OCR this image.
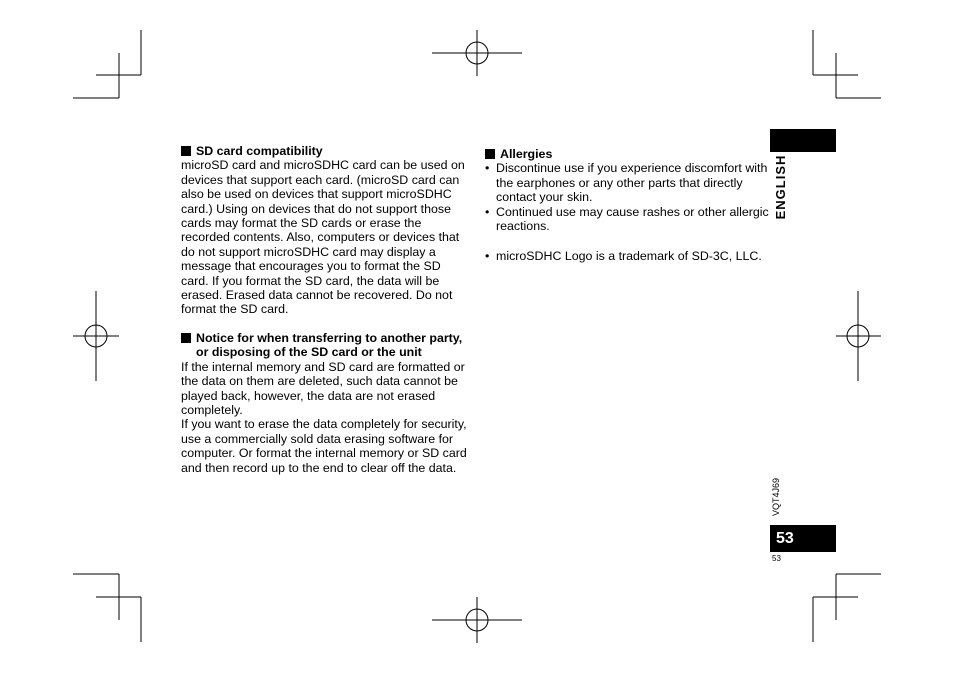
SD card compatibility

microSD card and microSDHC card can be used on devices that support each card. (microSD card can also be used on devices that support microSDHC card.) Using on devices that do not support those cards may format the SD cards or erase the recorded contents. Also, computers or devices that do not support microSDHC card may display a message that encourages you to format the SD card. If you format the SD card, the data will be erased. Erased data cannot be recovered. Do not format the SD card.

Notice for when transferring to another party, or disposing of the SD card or the unit

If the internal memory and SD card are formatted or the data on them are deleted, such data cannot be played back, however, the data are not erased completely.

If you want to erase the data completely for security, use a commercially sold data erasing software for computer. Or format the internal memory or SD card and then record up to the end to clear off the data.

Allergies
• Discontinue use if you experience discomfort with the earphones or any other parts that directly contact your skin.
• Continued use may cause rashes or other allergic reactions.
• microSDHC Logo is a trademark of SD-3C, LLC.
ENGLISH
VQT4J69
53
53
